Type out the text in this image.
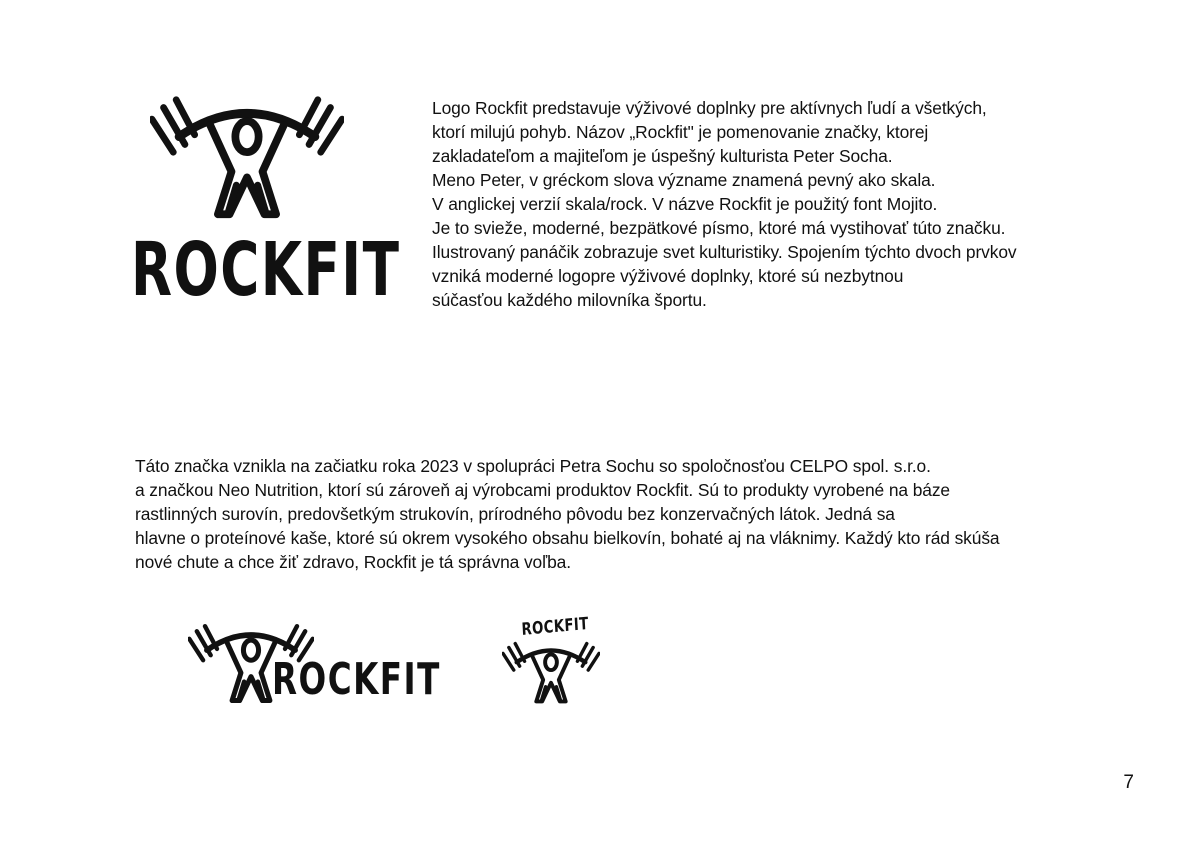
ROCKFIT

Logo Rockfit predstavuje výživové doplnky pre aktívnych ľudí a všetkých,
ktorí milujú pohyb. Názov „Rockfit" je pomenovanie značky, ktorej
zakladateľom a majiteľom je úspešný kulturista Peter Socha.
Meno Peter, v gréckom slova význame znamená pevný ako skala.
V anglickej verzií skala/rock. V názve Rockfit je použitý font Mojito.
Je to svieže, moderné, bezpätkové písmo, ktoré má vystihovať túto značku.
Ilustrovaný panáčik zobrazuje svet kulturistiky. Spojením týchto dvoch prvkov
vzniká moderné logopre výživové doplnky, ktoré sú nezbytnou
súčasťou každého milovníka športu.

Táto značka vznikla na začiatku roka 2023 v spolupráci Petra Sochu so spoločnosťou CELPO spol. s.r.o.
a značkou Neo Nutrition, ktorí sú zároveň aj výrobcami produktov Rockfit. Sú to produkty vyrobené na báze
rastlinných surovín, predovšetkým strukovín, prírodného pôvodu bez konzervačných látok. Jedná sa
hlavne o proteínové kaše, ktoré sú okrem vysokého obsahu bielkovín, bohaté aj na vláknimy. Každý kto rád skúša
nové chute a chce žiť zdravo, Rockfit je tá správna voľba.

ROCKFIT
ROCKFIT
7
